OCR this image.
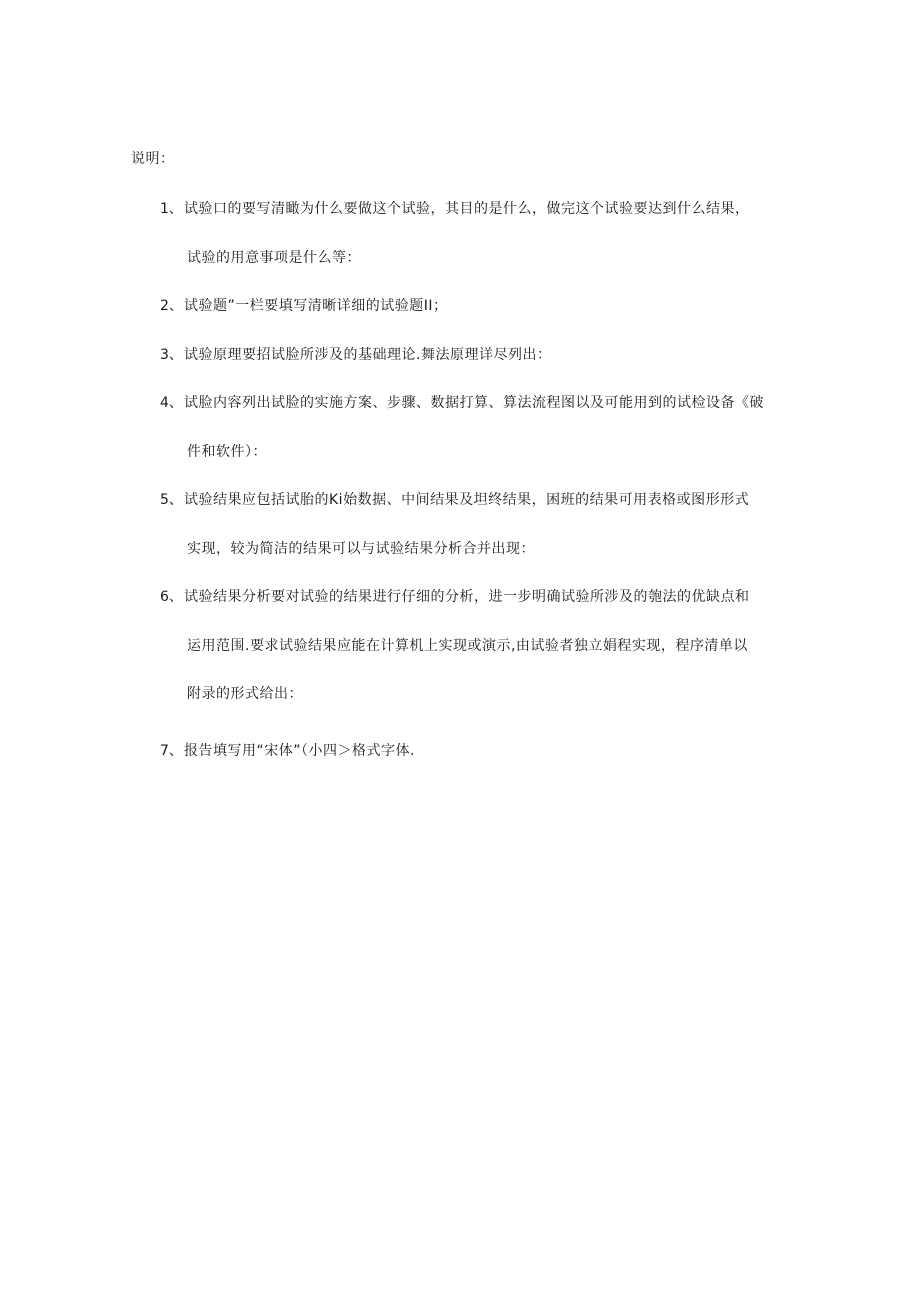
说明：
1、 试验口的要写清瞰为什么要做这个试验，其目的是什么，做完这个试验要达到什么结果，
试验的用意事项是什么等：
2、 试验题”一栏要填写清晰详细的试验题II；
3、 试验原理要招试脸所涉及的基础理论.舞法原理详尽列出：
4、 试脸内容列出试脸的实施方案、步骤、数据打算、算法流程图以及可能用到的试检设备《破
件和软件）：
5、 试验结果应包括试胎的Ki始数据、中间结果及坦终结果，困班的结果可用表格或图形形式
实现，较为简洁的结果可以与试验结果分析合并出现：
6、 试验结果分析要对试验的结果进行仔细的分析，进一步明确试验所涉及的匏法的优缺点和
运用范围.要求试验结果应能在计算机上实现或演示,由试验者独立娟程实现，程序清单以
附录的形式给出：
7、 报告填写用“宋体”（小四＞格式字体.
